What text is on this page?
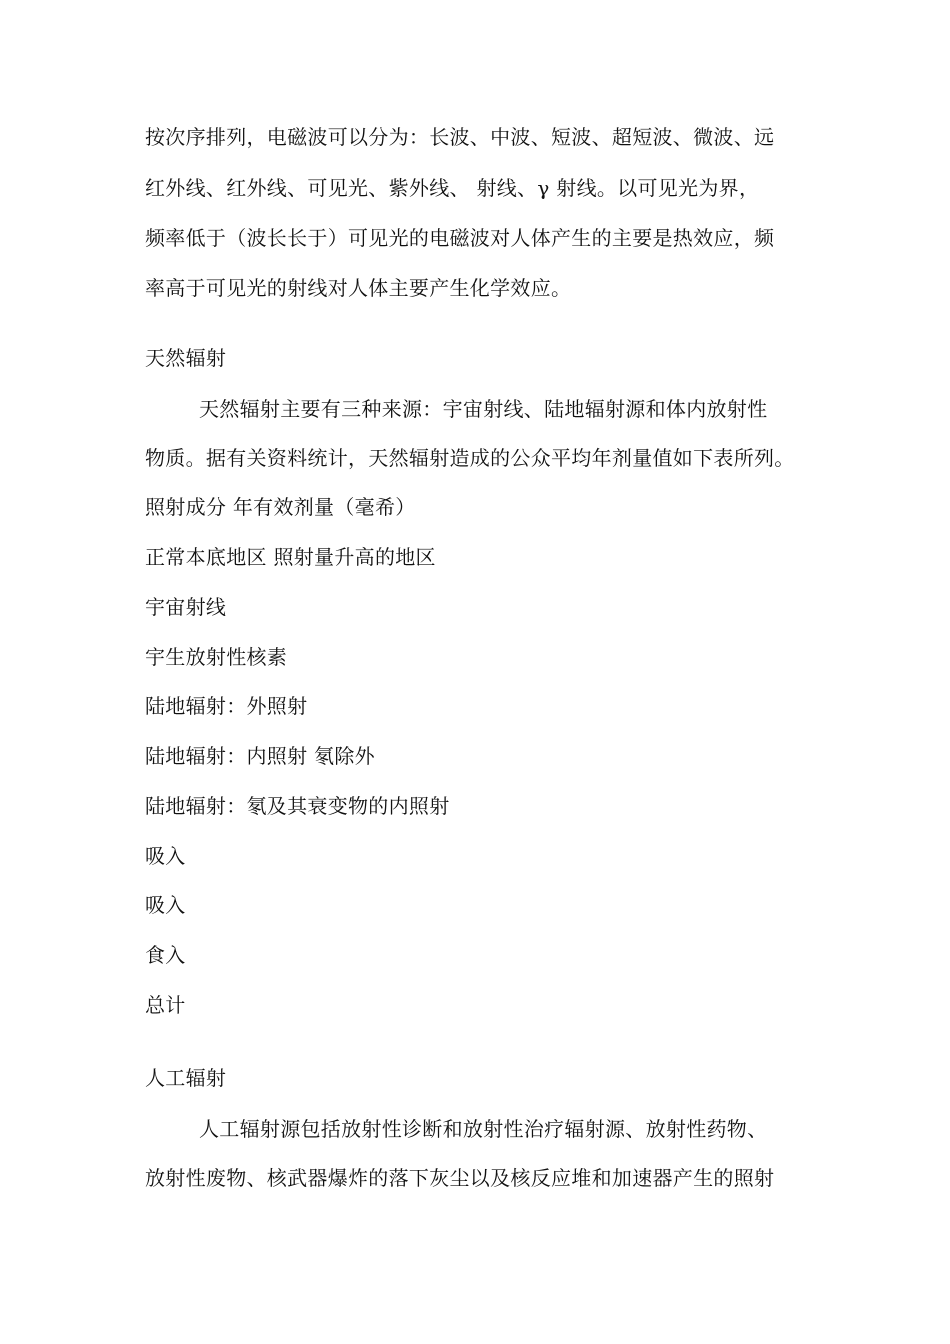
按次序排列，电磁波可以分为：长波、中波、短波、超短波、微波、远
红外线、红外线、可见光、紫外线、 射线、γ 射线。以可见光为界，
频率低于（波长长于）可见光的电磁波对人体产生的主要是热效应，频
率高于可见光的射线对人体主要产生化学效应。
天然辐射
天然辐射主要有三种来源：宇宙射线、陆地辐射源和体内放射性
物质。据有关资料统计，天然辐射造成的公众平均年剂量值如下表所列。
照射成分 年有效剂量（毫希）
正常本底地区 照射量升高的地区
宇宙射线
宇生放射性核素
陆地辐射：外照射
陆地辐射：内照射 氡除外
陆地辐射：氡及其衰变物的内照射
吸入
吸入
食入
总计
人工辐射
人工辐射源包括放射性诊断和放射性治疗辐射源、放射性药物、
放射性废物、核武器爆炸的落下灰尘以及核反应堆和加速器产生的照射
